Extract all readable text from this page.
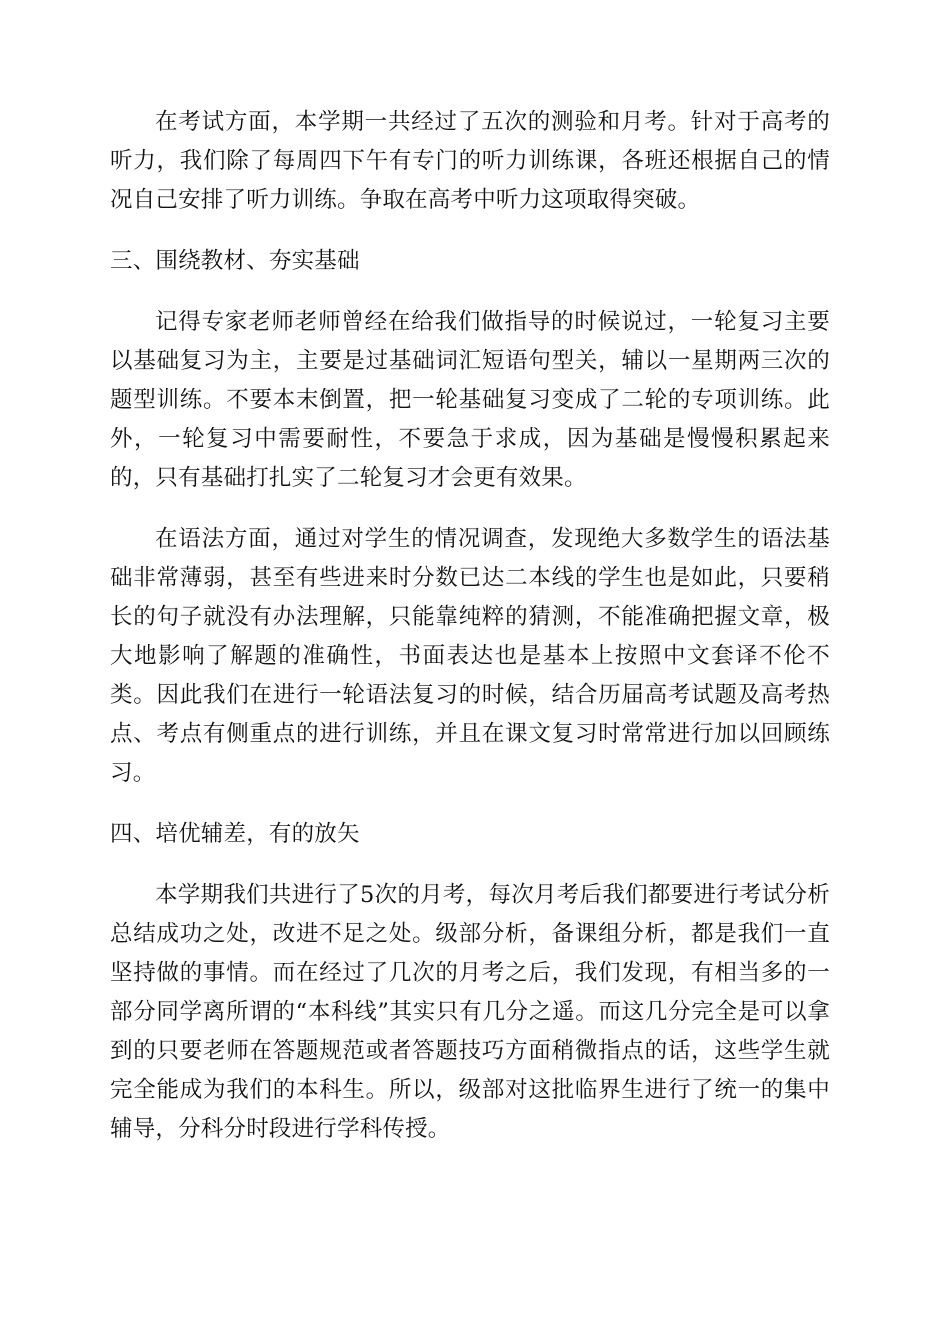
在考试方面，本学期一共经过了五次的测验和月考。针对于高考的听力，我们除了每周四下午有专门的听力训练课，各班还根据自己的情况自己安排了听力训练。争取在高考中听力这项取得突破。

三、围绕教材、夯实基础

记得专家老师老师曾经在给我们做指导的时候说过，一轮复习主要以基础复习为主，主要是过基础词汇短语句型关，辅以一星期两三次的题型训练。不要本末倒置，把一轮基础复习变成了二轮的专项训练。此外，一轮复习中需要耐性，不要急于求成，因为基础是慢慢积累起来的，只有基础打扎实了二轮复习才会更有效果。

在语法方面，通过对学生的情况调查，发现绝大多数学生的语法基础非常薄弱，甚至有些进来时分数已达二本线的学生也是如此，只要稍长的句子就没有办法理解，只能靠纯粹的猜测，不能准确把握文章，极大地影响了解题的准确性，书面表达也是基本上按照中文套译不伦不类。因此我们在进行一轮语法复习的时候，结合历届高考试题及高考热点、考点有侧重点的进行训练，并且在课文复习时常常进行加以回顾练习。

四、培优辅差，有的放矢

本学期我们共进行了5次的月考，每次月考后我们都要进行考试分析总结成功之处，改进不足之处。级部分析，备课组分析，都是我们一直坚持做的事情。而在经过了几次的月考之后，我们发现，有相当多的一部分同学离所谓的“本科线”其实只有几分之遥。而这几分完全是可以拿到的只要老师在答题规范或者答题技巧方面稍微指点的话，这些学生就完全能成为我们的本科生。所以，级部对这批临界生进行了统一的集中辅导，分科分时段进行学科传授。
